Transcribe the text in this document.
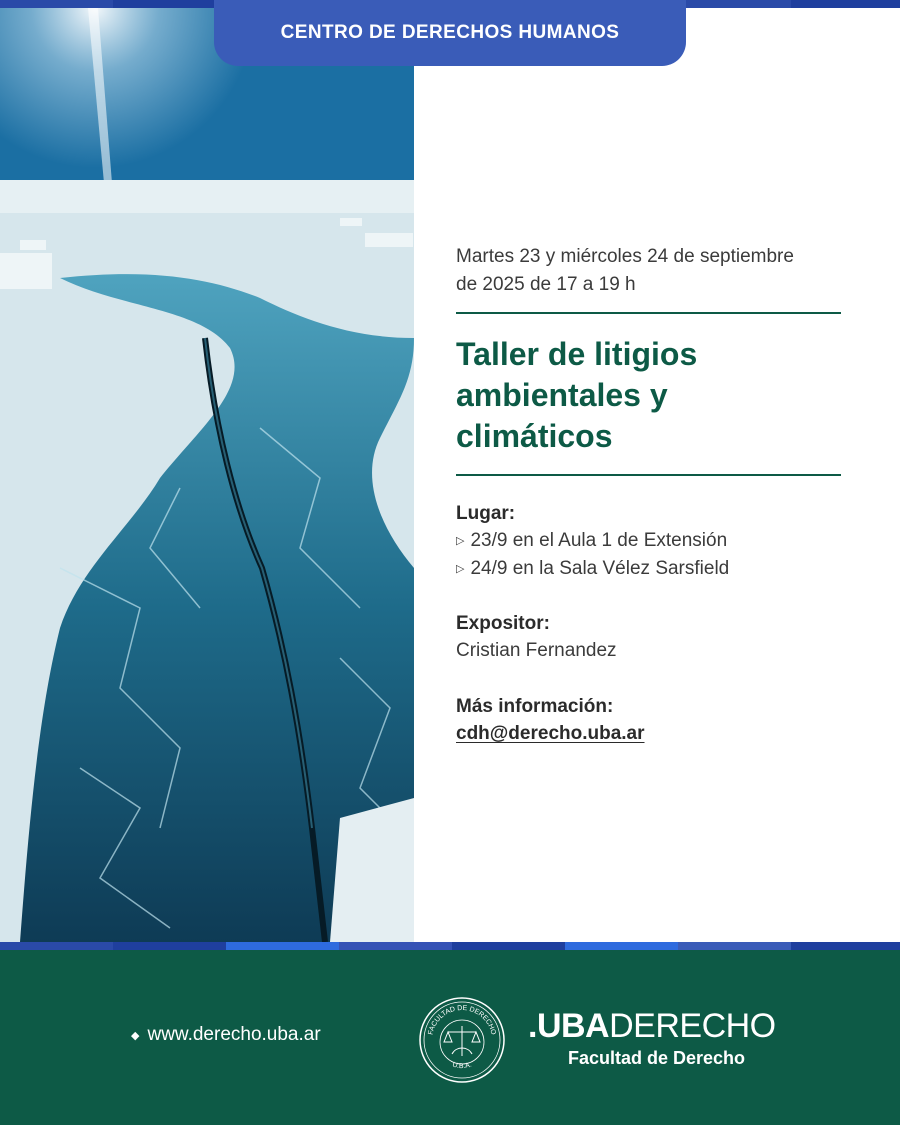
CENTRO DE DERECHOS HUMANOS
Martes 23 y miércoles 24 de septiembre
de 2025 de 17 a 19 h
Taller de litigios
ambientales y
climáticos
Lugar:
▷ 23/9 en el Aula 1 de Extensión
▷ 24/9 en la Sala Vélez Sarsfield
Expositor:
Cristian Fernandez
Más información:
cdh@derecho.uba.ar
◆ www.derecho.uba.ar	FACULTAD DE DERECHO
U.B.A.
.UBADERECHO
Facultad de Derecho
